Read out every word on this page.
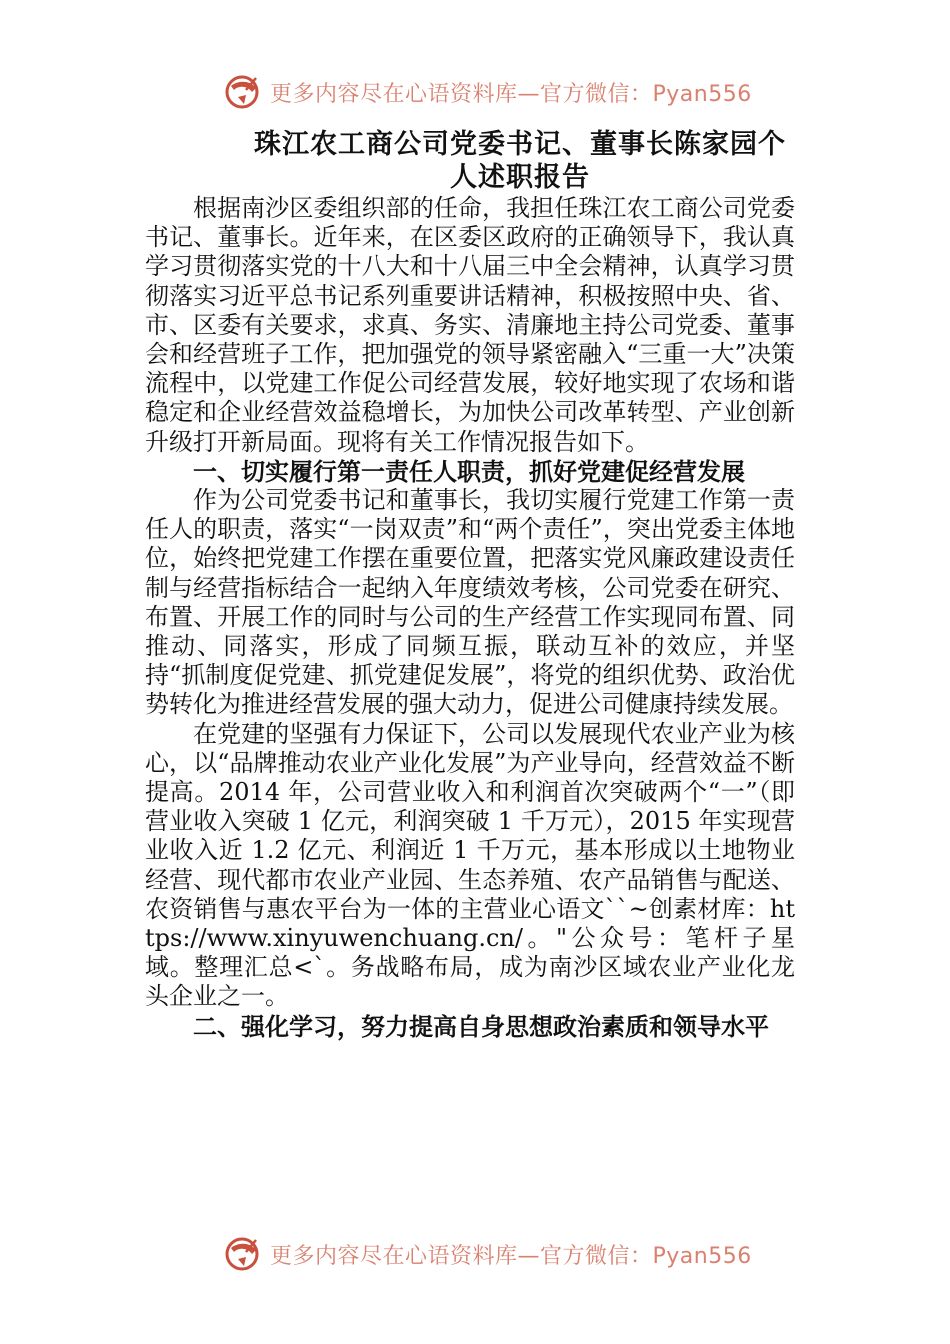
更多内容尽在心语资料库—官方微信：Pyan556
珠江农工商公司党委书记、董事长陈家园个人述职报告

根据南沙区委组织部的任命，我担任珠江农工商公司党委书记、董事长。近年来，在区委区政府的正确领导下，我认真学习贯彻落实党的十八大和十八届三中全会精神，认真学习贯彻落实习近平总书记系列重要讲话精神，积极按照中央、省、市、区委有关要求，求真、务实、清廉地主持公司党委、董事会和经营班子工作，把加强党的领导紧密融入“三重一大”决策流程中，以党建工作促公司经营发展，较好地实现了农场和谐稳定和企业经营效益稳增长，为加快公司改革转型、产业创新升级打开新局面。现将有关工作情况报告如下。

一、切实履行第一责任人职责，抓好党建促经营发展

作为公司党委书记和董事长，我切实履行党建工作第一责任人的职责，落实“一岗双责”和“两个责任”，突出党委主体地位，始终把党建工作摆在重要位置，把落实党风廉政建设责任制与经营指标结合一起纳入年度绩效考核，公司党委在研究、布置、开展工作的同时与公司的生产经营工作实现同布置、同推动、同落实，形成了同频互振，联动互补的效应，并坚持“抓制度促党建、抓党建促发展”，将党的组织优势、政治优势转化为推进经营发展的强大动力，促进公司健康持续发展。

在党建的坚强有力保证下，公司以发展现代农业产业为核心，以“品牌推动农业产业化发展”为产业导向，经营效益不断提高。2014 年，公司营业收入和利润首次突破两个“一”（即营业收入突破 1 亿元，利润突破 1 千万元），2015 年实现营业收入近 1.2 亿元、利润近 1 千万元，基本形成以土地物业经营、现代都市农业产业园、生态养殖、农产品销售与配送、农资销售与惠农平台为一体的主营业心语文``~创素材库：https://www.xinyuwenchuang.cn/。"公众号：笔杆子星域。整理汇总<`。务战略布局，成为南沙区域农业产业化龙头企业之一。

二、强化学习，努力提高自身思想政治素质和领导水平

更多内容尽在心语资料库—官方微信：Pyan556
